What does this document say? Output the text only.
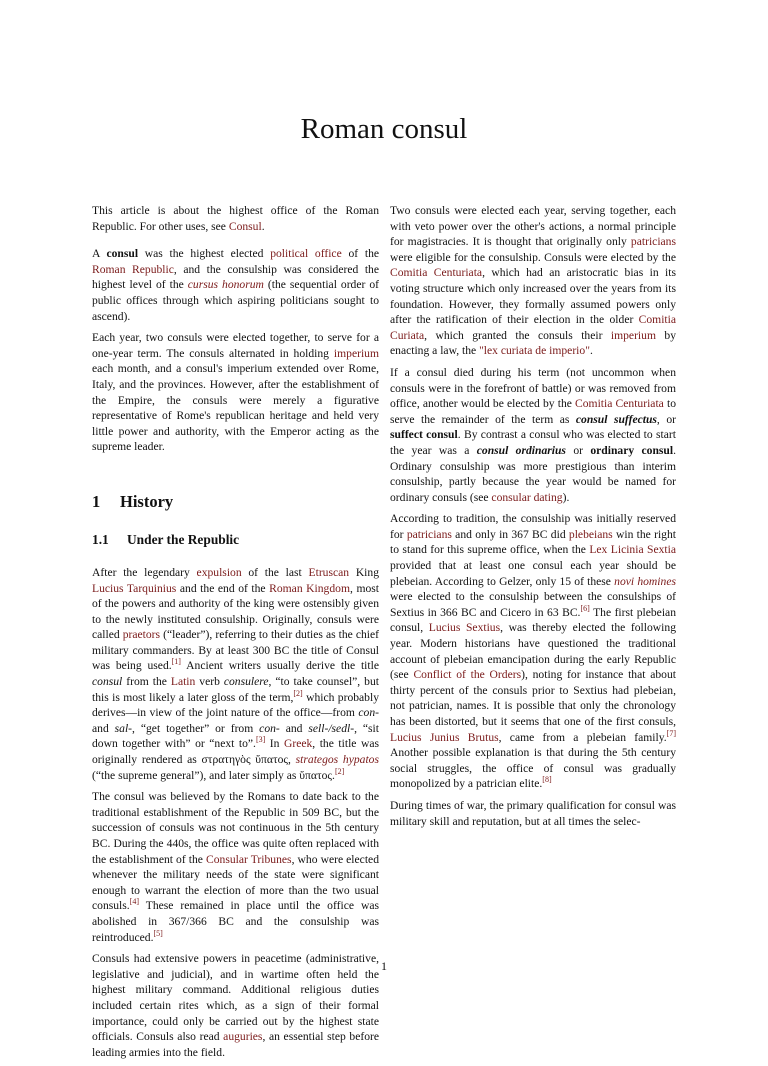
Roman consul

This article is about the highest office of the Roman Republic. For other uses, see Consul.

A consul was the highest elected political office of the Roman Republic, and the consulship was considered the highest level of the cursus honorum (the sequential order of public offices through which aspiring politicians sought to ascend).

Each year, two consuls were elected together, to serve for a one-year term. The consuls alternated in holding imperium each month, and a consul's imperium extended over Rome, Italy, and the provinces. However, after the establishment of the Empire, the consuls were merely a figurative representative of Rome's republican heritage and held very little power and authority, with the Emperor acting as the supreme leader.

1 History
1.1 Under the Republic

After the legendary expulsion of the last Etruscan King Lucius Tarquinius and the end of the Roman Kingdom, most of the powers and authority of the king were ostensibly given to the newly instituted consulship. Originally, consuls were called praetors (“leader”), referring to their duties as the chief military commanders. By at least 300 BC the title of Consul was being used.[1] Ancient writers usually derive the title consul from the Latin verb consulere, “to take counsel”, but this is most likely a later gloss of the term,[2] which probably derives—in view of the joint nature of the office—from con- and sal-, “get together” or from con- and sell-/sedl-, “sit down together with” or “next to”.[3] In Greek, the title was originally rendered as στρατηγὸς ὕπατος, strategos hypatos (“the supreme general”), and later simply as ὕπατος.[2]

The consul was believed by the Romans to date back to the traditional establishment of the Republic in 509 BC, but the succession of consuls was not continuous in the 5th century BC. During the 440s, the office was quite often replaced with the establishment of the Consular Tribunes, who were elected whenever the military needs of the state were significant enough to warrant the election of more than the two usual consuls.[4] These remained in place until the office was abolished in 367/366 BC and the consulship was reintroduced.[5]

Consuls had extensive powers in peacetime (administrative, legislative and judicial), and in wartime often held the highest military command. Additional religious duties included certain rites which, as a sign of their formal importance, could only be carried out by the highest state officials. Consuls also read auguries, an essential step before leading armies into the field.

Two consuls were elected each year, serving together, each with veto power over the other's actions, a normal principle for magistracies. It is thought that originally only patricians were eligible for the consulship. Consuls were elected by the Comitia Centuriata, which had an aristocratic bias in its voting structure which only increased over the years from its foundation. However, they formally assumed powers only after the ratification of their election in the older Comitia Curiata, which granted the consuls their imperium by enacting a law, the "lex curiata de imperio".

If a consul died during his term (not uncommon when consuls were in the forefront of battle) or was removed from office, another would be elected by the Comitia Centuriata to serve the remainder of the term as consul suffectus, or suffect consul. By contrast a consul who was elected to start the year was a consul ordinarius or ordinary consul. Ordinary consulship was more prestigious than interim consulship, partly because the year would be named for ordinary consuls (see consular dating).

According to tradition, the consulship was initially reserved for patricians and only in 367 BC did plebeians win the right to stand for this supreme office, when the Lex Licinia Sextia provided that at least one consul each year should be plebeian. According to Gelzer, only 15 of these novi homines were elected to the consulship between the consulships of Sextius in 366 BC and Cicero in 63 BC.[6] The first plebeian consul, Lucius Sextius, was thereby elected the following year. Modern historians have questioned the traditional account of plebeian emancipation during the early Republic (see Conflict of the Orders), noting for instance that about thirty percent of the consuls prior to Sextius had plebeian, not patrician, names. It is possible that only the chronology has been distorted, but it seems that one of the first consuls, Lucius Junius Brutus, came from a plebeian family.[7] Another possible explanation is that during the 5th century social struggles, the office of consul was gradually monopolized by a patrician elite.[8]

During times of war, the primary qualification for consul was military skill and reputation, but at all times the selec-

1
